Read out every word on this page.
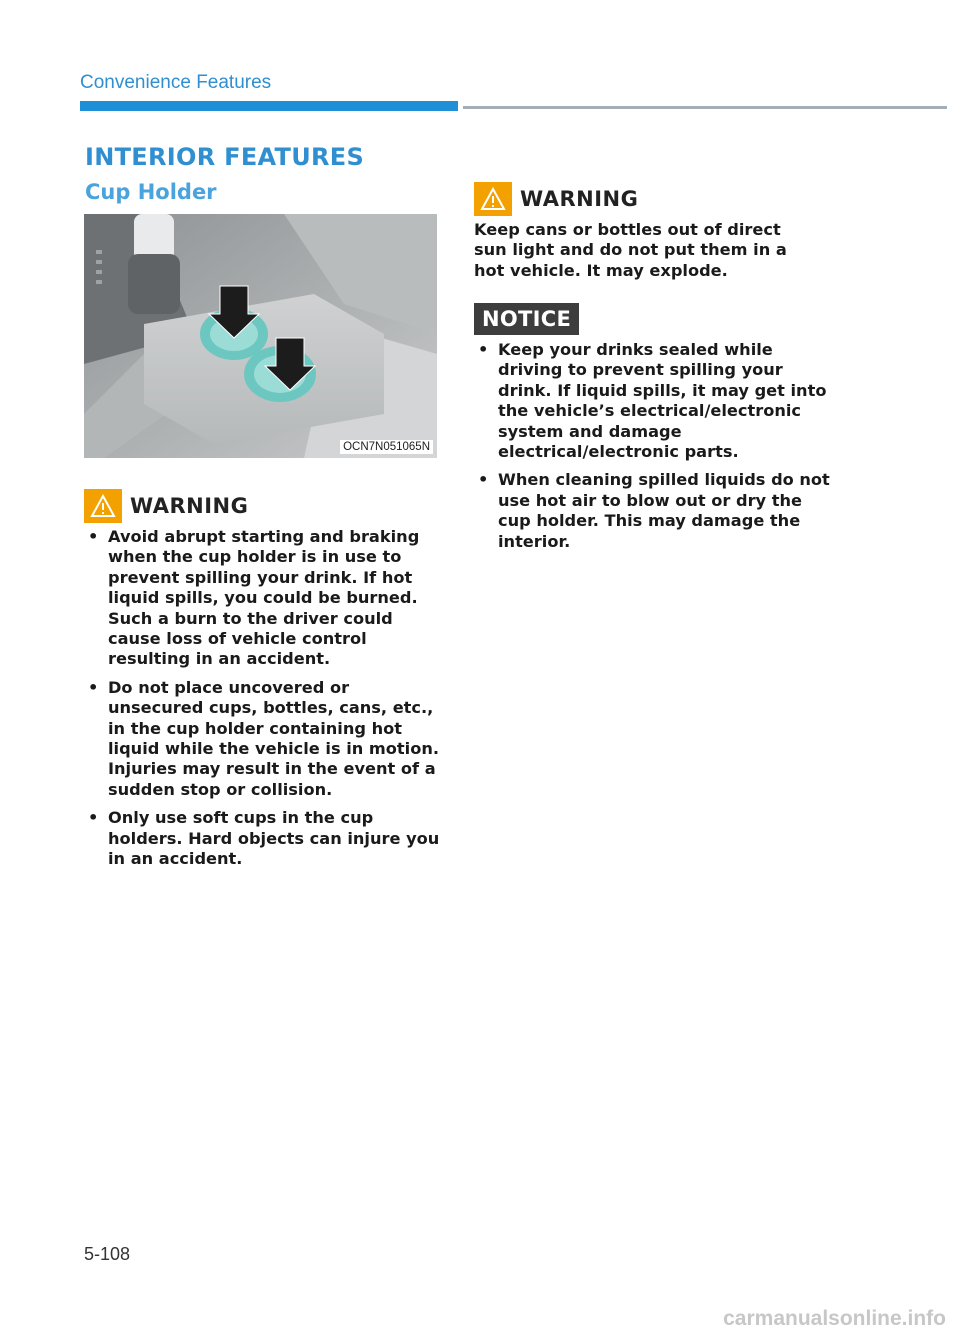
Convenience Features
INTERIOR FEATURES
Cup Holder
OCN7N051065N
WARNING
• Avoid abrupt starting and braking when the cup holder is in use to prevent spilling your drink. If hot liquid spills, you could be burned. Such a burn to the driver could cause loss of vehicle control resulting in an accident.
• Do not place uncovered or unsecured cups, bottles, cans, etc., in the cup holder containing hot liquid while the vehicle is in motion. Injuries may result in the event of a sudden stop or collision.
• Only use soft cups in the cup holders. Hard objects can injure you in an accident.
WARNING

Keep cans or bottles out of direct sun light and do not put them in a hot vehicle. It may explode.

NOTICE
• Keep your drinks sealed while driving to prevent spilling your drink. If liquid spills, it may get into the vehicle’s electrical/electronic system and damage electrical/electronic parts.
• When cleaning spilled liquids do not use hot air to blow out or dry the cup holder. This may damage the interior.
5-108
carmanualsonline.info
